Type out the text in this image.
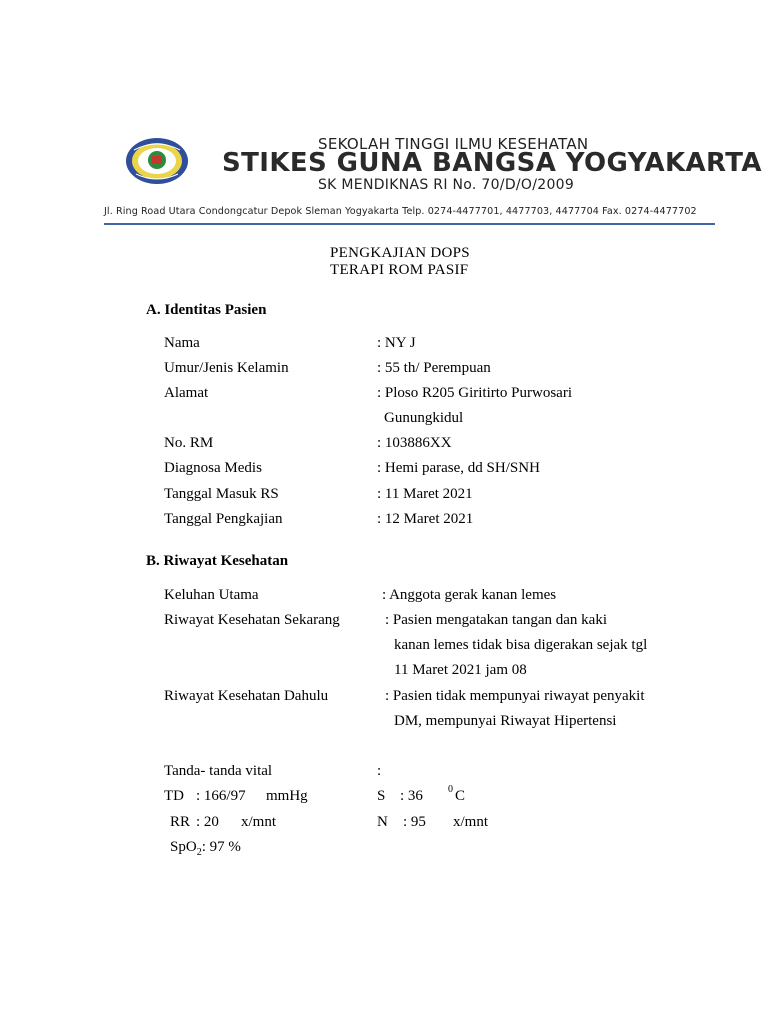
SEKOLAH TINGGI ILMU KESEHATAN
STIKES GUNA BANGSA YOGYAKARTA
SK MENDIKNAS RI No. 70/D/O/2009
Jl. Ring Road Utara Condongcatur Depok Sleman Yogyakarta Telp. 0274-4477701, 4477703, 4477704 Fax. 0274-4477702
PENGKAJIAN DOPS
TERAPI ROM PASIF
A. Identitas Pasien
Nama	: NY J
Umur/Jenis Kelamin	: 55 th/ Perempuan
Alamat	: Ploso R205 Giritirto Purwosari
Gunungkidul
No. RM	: 103886XX
Diagnosa Medis	: Hemi parase, dd SH/SNH
Tanggal Masuk RS	: 11 Maret 2021
Tanggal Pengkajian	: 12 Maret 2021
B. Riwayat Kesehatan
Keluhan Utama	: Anggota gerak kanan lemes
Riwayat Kesehatan Sekarang	: Pasien mengatakan tangan dan kaki
kanan lemes tidak bisa digerakan sejak tgl
11 Maret 2021 jam 08
Riwayat Kesehatan Dahulu	: Pasien tidak mempunyai riwayat penyakit
DM, mempunyai Riwayat Hipertensi
Tanda- tanda vital	:
TD : 166/97 mmHg	S : 36	0 C
RR : 20 x/mnt	N : 95 x/mnt
SpO$_2$: 97 %
